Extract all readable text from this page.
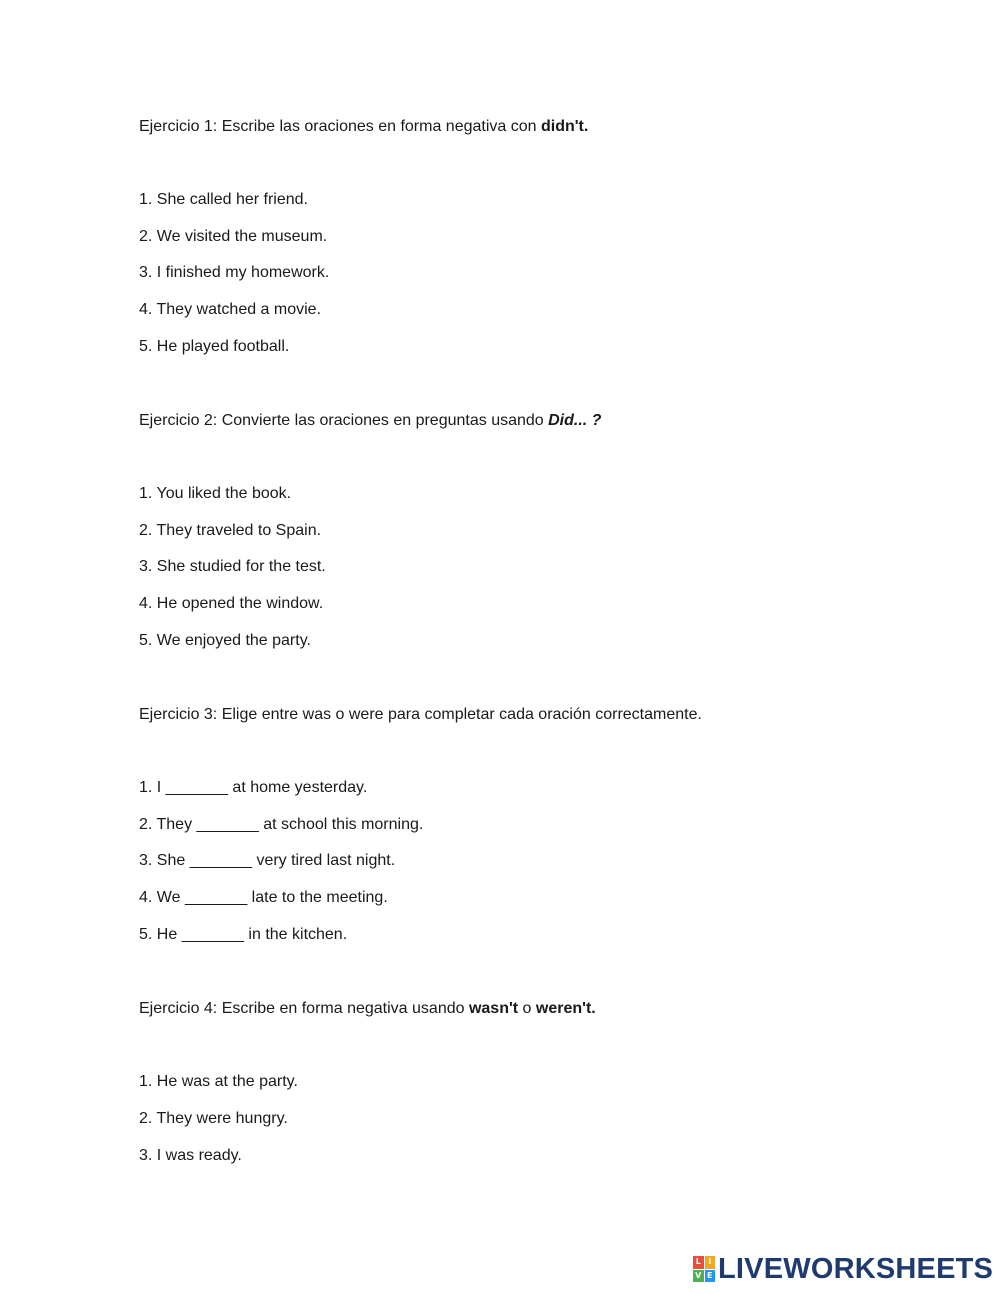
Ejercicio 1: Escribe las oraciones en forma negativa con didn't.
1. She called her friend.
2. We visited the museum.
3. I finished my homework.
4. They watched a movie.
5. He played football.
Ejercicio 2: Convierte las oraciones en preguntas usando Did... ?
1. You liked the book.
2. They traveled to Spain.
3. She studied for the test.
4. He opened the window.
5. We enjoyed the party.
Ejercicio 3: Elige entre was o were para completar cada oración correctamente.
1. I _______ at home yesterday.
2. They _______ at school this morning.
3. She _______ very tired last night.
4. We _______ late to the meeting.
5. He _______ in the kitchen.
Ejercicio 4: Escribe en forma negativa usando wasn't o weren't.
1. He was at the party.
2. They were hungry.
3. I was ready.
L I
V E LIVEWORKSHEETS
